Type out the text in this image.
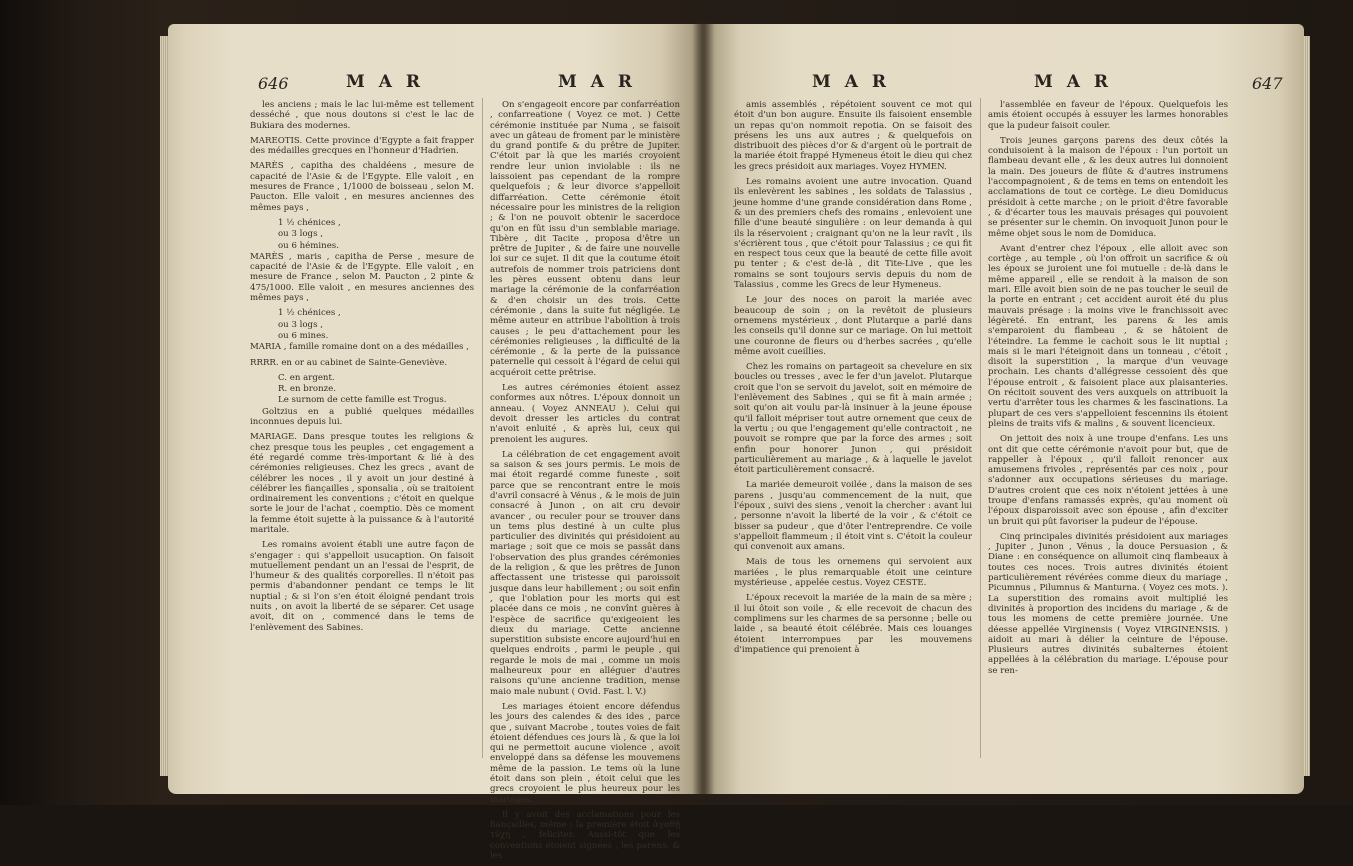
646	M A R	M A R

les anciens ; mais le lac lui-même est tellement desséché , que nous doutons si c'est le lac de Bukiara des modernes.

MAREOTIS. Cette province d'Egypte a fait frapper des médailles grecques en l'honneur d'Hadrien.

MARÈS , capitha des chaldéens , mesure de capacité de l'Asie & de l'Egypte. Elle valoit , en mesures de France , 1/1000 de boisseau , selon M. Paucton. Elle valoit , en mesures anciennes des mêmes pays ,

1 ½ chénices ,

ou 3 logs ,

ou 6 hémines.

MARÈS , maris , capitha de Perse , mesure de capacité de l'Asie & de l'Egypte. Elle valoit , en mesure de France , selon M. Paucton , 2 pinte & 475/1000. Elle valoit , en mesures anciennes des mêmes pays ,

1 ½ chénices ,

ou 3 logs ,

ou 6 mines.

MARIA , famille romaine dont on a des médailles ,

RRRR. en or au cabinet de Sainte-Geneviève.

C. en argent.

R. en bronze.

Le surnom de cette famille est Trogus.

Goltzius en a publié quelques médailles inconnues depuis lui.

MARIAGE. Dans presque toutes les religions & chez presque tous les peuples , cet engagement a été regardé comme très-important & lié à des cérémonies religieuses. Chez les grecs , avant de célébrer les noces , il y avoit un jour destiné à célébrer les fiançailles , sponsalia , où se traitoient ordinairement les conventions ; c'étoit en quelque sorte le jour de l'achat , coemptio. Dès ce moment la femme étoit sujette à la puissance & à l'autorité maritale.

Les romains avoient établi une autre façon de s'engager : qui s'appelloit usucaption. On faisoit mutuellement pendant un an l'essai de l'esprit, de l'humeur & des qualités corporelles. Il n'étoit pas permis d'abandonner pendant ce temps le lit nuptial ; & si l'on s'en étoit éloigné pendant trois nuits , on avoit la liberté de se séparer. Cet usage avoit, dit on , commencé dans le tems de l'enlèvement des Sabines.

On s'engageoit encore par confarréation , confarreatione ( Voyez ce mot. ) Cette cérémonie instituée par Numa , se faisoit avec un gâteau de froment par le ministère du grand pontife & du prêtre de Jupiter. C'étoit par là que les mariés croyoient rendre leur union inviolable : ils ne laissoient pas cependant de la rompre quelquefois ; & leur divorce s'appelloit diffarréation. Cette cérémonie étoit nécessaire pour les ministres de la religion ; & l'on ne pouvoit obtenir le sacerdoce qu'on en fût issu d'un semblable mariage. Tibère , dit Tacite , proposa d'être un prêtre de Jupiter , & de faire une nouvelle loi sur ce sujet. Il dit que la coutume étoit autrefois de nommer trois patriciens dont les pères eussent obtenu dans leur mariage la cérémonie de la confarréation & d'en choisir un des trois. Cette cérémonie , dans la suite fut négligée. Le même auteur en attribue l'abolition à trois causes ; le peu d'attachement pour les cérémonies religieuses , la difficulté de la cérémonie , & la perte de la puissance paternelle qui cessoit à l'égard de celui qui acquéroit cette prêtrise.

Les autres cérémonies étoient assez conformes aux nôtres. L'époux donnoit un anneau. ( Voyez ANNEAU ). Celui qui devoit dresser les articles du contrat n'avoit enluité , & après lui, ceux qui prenoient les augures.

La célébration de cet engagement avoit sa saison & ses jours permis. Le mois de mai étoit regardé comme funeste , soit parce que se rencontrant entre le mois d'avril consacré à Vénus , & le mois de juin consacré à Junon , on ait cru devoir avancer , ou reculer pour se trouver dans un tems plus destiné à un culte plus particulier des divinités qui présidoient au mariage ; soit que ce mois se passât dans l'observation des plus grandes cérémonies de la religion , & que les prêtres de Junon affectassent une tristesse qui paroissoit jusque dans leur habillement ; ou soit enfin , que l'oblation pour les morts qui est placée dans ce mois , ne convînt guères à l'espèce de sacrifice qu'exigeoient les dieux du mariage. Cette ancienne superstition subsiste encore aujourd'hui en quelques endroits , parmi le peuple , qui regarde le mois de mai , comme un mois malheureux pour en alléguer d'autres raisons qu'une ancienne tradition, mense maio male nubunt ( Ovid. Fast. l. V.)

Les mariages étoient encore défendus les jours des calendes & des ides , parce que , suivant Macrobe , toutes voies de fait étoient défendues ces jours là , & que la loi qui ne permettoit aucune violence , avoit enveloppé dans sa défense les mouvemens même de la passion. Le tems où la lune étoit dans son plein , étoit celui que les grecs croyoient le plus heureux pour les mariages.

Il y avoit des acclamations pour les fiançailles, même ; la première étoit ἀγαθῇ τύχῃ , feliciter. Aussi-tôt que les conventions étoient signées , les parens, & les

M A R	M A R	647

amis assemblés , répétoient souvent ce mot qui étoit d'un bon augure. Ensuite ils faisoient ensemble un repas qu'on nommoit repotia. On se faisoit des présens les uns aux autres ; & quelquefois on distribuoit des pièces d'or & d'argent où le portrait de la mariée étoit frappé Hymeneus étoit le dieu qui chez les grecs présidoit aux mariages. Voyez HYMEN.

Les romains avoient une autre invocation. Quand ils enlevèrent les sabines , les soldats de Talassius , jeune homme d'une grande considération dans Rome , & un des premiers chefs des romains , enlevoient une fille d'une beauté singulière : on leur demanda à qui ils la réservoient ; craignant qu'on ne la leur ravît , ils s'écrièrent tous , que c'étoit pour Talassius ; ce qui fit en respect tous ceux que la beauté de cette fille avoit pu tenter ; & c'est de-là , dit Tite-Live , que les romains se sont toujours servis depuis du nom de Talassius , comme les Grecs de leur Hymeneus.

Le jour des noces on paroit la mariée avec beaucoup de soin ; on la revêtoit de plusieurs ornemens mystérieux , dont Plutarque a parlé dans les conseils qu'il donne sur ce mariage. On lui mettoit une couronne de fleurs ou d'herbes sacrées , qu'elle même avoit cueillies.

Chez les romains on partageoit sa chevelure en six boucles ou tresses , avec le fer d'un javelot. Plutarque croit que l'on se servoit du javelot, soit en mémoire de l'enlèvement des Sabines , qui se fit à main armée ; soit qu'on ait voulu par-là insinuer à la jeune épouse qu'il falloit mépriser tout autre ornement que ceux de la vertu ; ou que l'engagement qu'elle contractoit , ne pouvoit se rompre que par la force des armes ; soit enfin pour honorer Junon , qui présidoit particulièrement au mariage , & à laquelle le javelot étoit particulièrement consacré.

La mariée demeuroit voilée , dans la maison de ses parens , jusqu'au commencement de la nuit, que l'époux , suivi des siens , venoit la chercher : avant lui , personne n'avoit la liberté de la voir , & c'étoit ce bisser sa pudeur , que d'ôter l'entreprendre. Ce voile s'appelloit flammeum ; il étoit vint s. C'étoit la couleur qui convenoit aux amans.

Mais de tous les ornemens qui servoient aux mariées , le plus remarquable étoit une ceinture mystérieuse , appelée cestus. Voyez CESTE.

L'époux recevoit la mariée de la main de sa mère ; il lui ôtoit son voile , & elle recevoit de chacun des complimens sur les charmes de sa personne ; belle ou laide , sa beauté étoit célébrée. Mais ces louanges étoient interrompues par les mouvemens d'impatience qui prenoient à

l'assemblée en faveur de l'époux. Quelquefois les amis étoient occupés à essuyer les larmes honorables que la pudeur faisoit couler.

Trois jeunes garçons parens des deux côtés la conduisoient à la maison de l'époux : l'un portoit un flambeau devant elle , & les deux autres lui donnoient la main. Des joueurs de flûte & d'autres instrumens l'accompagnoient , & de tems en tems on entendoit les acclamations de tout ce cortège. Le dieu Domiducus présidoit à cette marche ; on le prioit d'être favorable , & d'écarter tous les mauvais présages qui pouvoient se présenter sur le chemin. On invoquoit Junon pour le même objet sous le nom de Domiduca.

Avant d'entrer chez l'époux , elle alloit avec son cortège , au temple , où l'on offroit un sacrifice & où les époux se juroient une foi mutuelle : de-là dans le même appareil , elle se rendoit à la maison de son mari. Elle avoit bien soin de ne pas toucher le seuil de la porte en entrant ; cet accident auroit été du plus mauvais présage : la moins vive le franchissoit avec légèreté. En entrant, les parens & les amis s'emparoient du flambeau , & se hâtoient de l'éteindre. La femme le cachoit sous le lit nuptial ; mais si le mari l'éteignoit dans un tonneau , c'étoit , disoit la superstition , la marque d'un veuvage prochain. Les chants d'allégresse cessoient dès que l'épouse entroit , & faisoient place aux plaisanteries. On récitoit souvent des vers auxquels on attribuoit la vertu d'arrêter tous les charmes & les fascinations. La plupart de ces vers s'appelloient fescennins ils étoient pleins de traits vifs & malins , & souvent licencieux.

On jettoit des noix à une troupe d'enfans. Les uns ont dit que cette cérémonie n'avoit pour but, que de rappeller à l'époux , qu'il falloit renoncer aux amusemens frivoles , représentés par ces noix , pour s'adonner aux occupations sérieuses du mariage. D'autres croient que ces noix n'étoient jettées à une troupe d'enfans ramassés exprès, qu'au moment où l'époux disparoissoit avec son épouse , afin d'exciter un bruit qui pût favoriser la pudeur de l'épouse.

Cinq principales divinités présidoient aux mariages , Jupiter , Junon , Vénus , la douce Persuasion , & Diane : en conséquence on allumoit cinq flambeaux à toutes ces noces. Trois autres divinités étoient particulièrement révérées comme dieux du mariage , Picumnus , Pilumnus & Manturna. ( Voyez ces mots. ). La superstition des romains avoit multiplié les divinités à proportion des incidens du mariage , & de tous les momens de cette première journée. Une déesse appellée Virginensis ( Voyez VIRGINENSIS. ) aidoit au mari à délier la ceinture de l'épouse. Plusieurs autres divinités subalternes étoient appellées à la célébration du mariage. L'épouse pour se ren-
